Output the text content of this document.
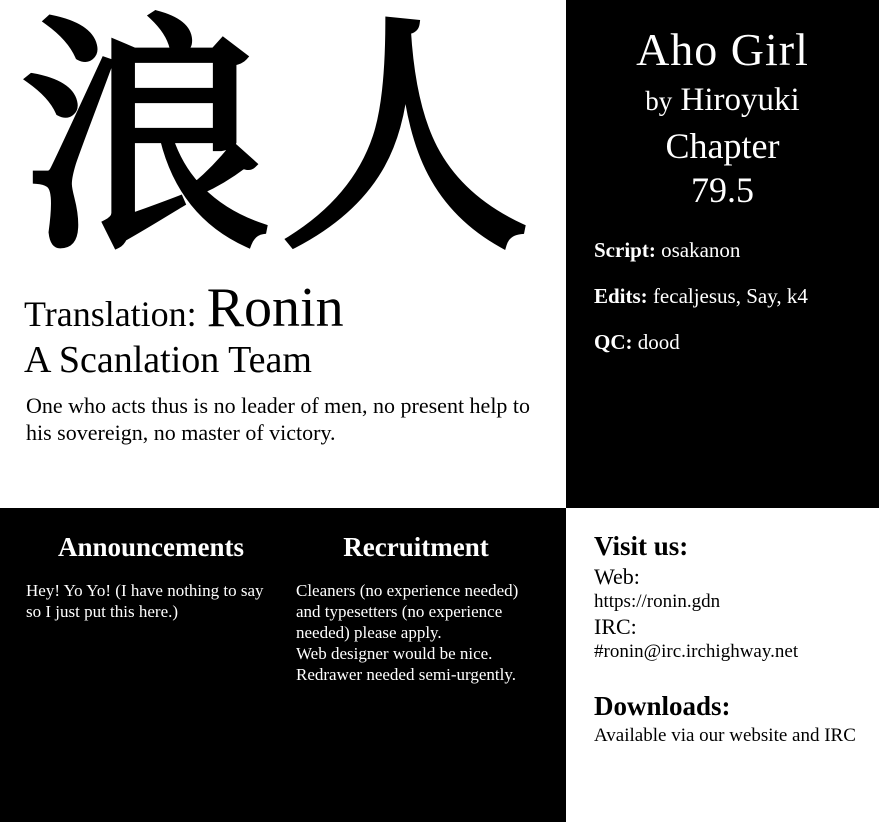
浪人
Translation: Ronin
A Scanlation Team
One who acts thus is no leader of men, no present help to his sovereign, no master of victory.
Aho Girl
by Hiroyuki
Chapter
79.5
Script: osakanon
Edits: fecaljesus, Say, k4
QC: dood
Announcements

Hey! Yo Yo! (I have nothing to say so I just put this here.)

Recruitment

Cleaners (no experience needed) and typesetters (no experience needed) please apply.

Web designer would be nice.

Redrawer needed semi-urgently.

Visit us:
Web:
https://ronin.gdn
IRC:
#ronin@irc.irchighway.net
Downloads:
Available via our website and IRC
